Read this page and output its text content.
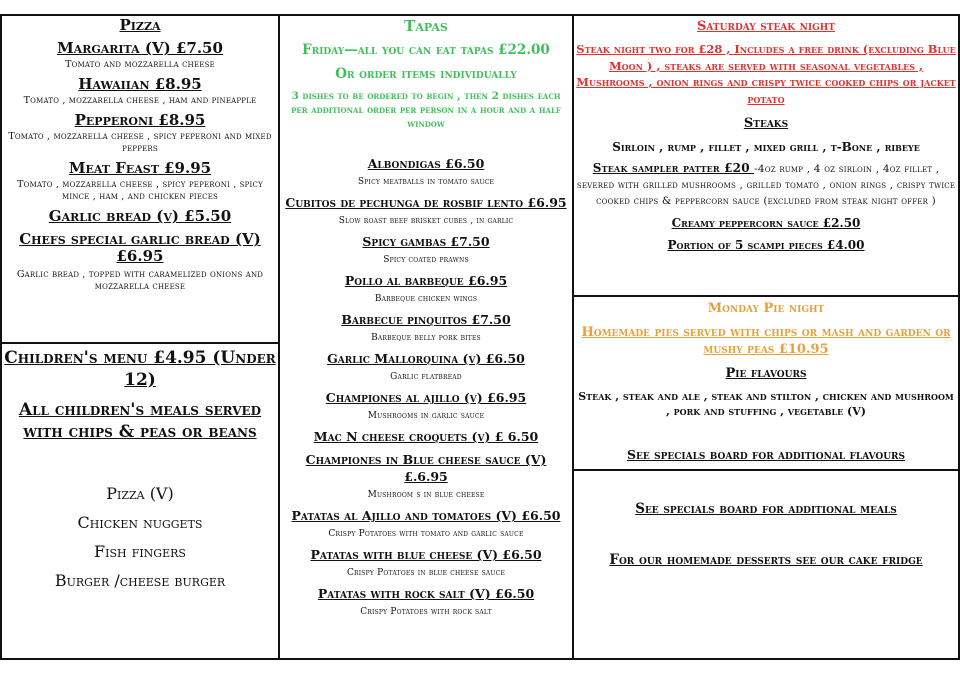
Pizza

Margarita (V) £7.50

Tomato and mozzarella cheese

Hawaiian £8.95

Tomato , mozzarella cheese , ham and pineapple

Pepperoni £8.95

Tomato , mozzarella cheese , spicy peperoni and mixed peppers

Meat Feast £9.95

Tomato , mozzarella cheese , spicy peperoni , spicy mince , ham , and chicken pieces

Garlic bread (v) £5.50

Chefs special garlic bread (V) £6.95

Garlic bread , topped with caramelized onions and mozzarella cheese

Children's menu £4.95 (Under 12)

All children's meals served with chips & peas or beans

Pizza (V)

Chicken nuggets

Fish fingers

Burger /cheese burger

Tapas

Friday—all you can eat tapas £22.00

Or order items individually

3 dishes to be ordered to begin , then 2 dishes each per additional order per person in a hour and a half window

Albondigas £6.50

Spicy meatballs in tomato sauce

Cubitos de pechunga de rosbif lento £6.95

Slow roast beef brisket cubes , in garlic

Spicy gambas £7.50

Spicy coated prawns

Pollo al barbeque £6.95

Barbeque chicken wings

Barbecue pinquitos £7.50

Barbeque belly pork bites

Garlic Mallorquina (v) £6.50

Garlic flatbread

Championes al ajillo (v) £6.95

Mushrooms in garlic sauce

Mac N cheese croquets (v) £ 6.50

Championes in Blue cheese sauce (V) £.6.95

Mushroom s in blue cheese

Patatas al Ajillo and tomatoes (V) £6.50

Crispy Potatoes with tomato and garlic sauce

Patatas with blue cheese (V) £6.50

Crispy Potatoes in blue cheese sauce

Patatas with rock salt (V) £6.50

Crispy Potatoes with rock salt

Saturday steak night

Steak night two for £28 , Includes a free drink (excluding Blue Moon ) , steaks are served with seasonal vegetables , Mushrooms , onion rings and crispy twice cooked chips or jacket potato

Steaks

Sirloin , rump , fillet , mixed grill , t-Bone , ribeye

Steak sampler patter £20 -4oz rump , 4 oz sirloin , 4oz fillet , severed with grilled mushrooms , grilled tomato , onion rings , crispy twice cooked chips & peppercorn sauce (excluded from steak night offer )

Creamy peppercorn sauce £2.50

Portion of 5 scampi pieces £4.00

Monday Pie night

Homemade pies served with chips or mash and garden or mushy peas £10.95

Pie flavours

Steak , steak and ale , steak and stilton , chicken and mushroom , pork and stuffing , vegetable (V)

See specials board for additional flavours

See specials board for additional meals

For our homemade desserts see our cake fridge
